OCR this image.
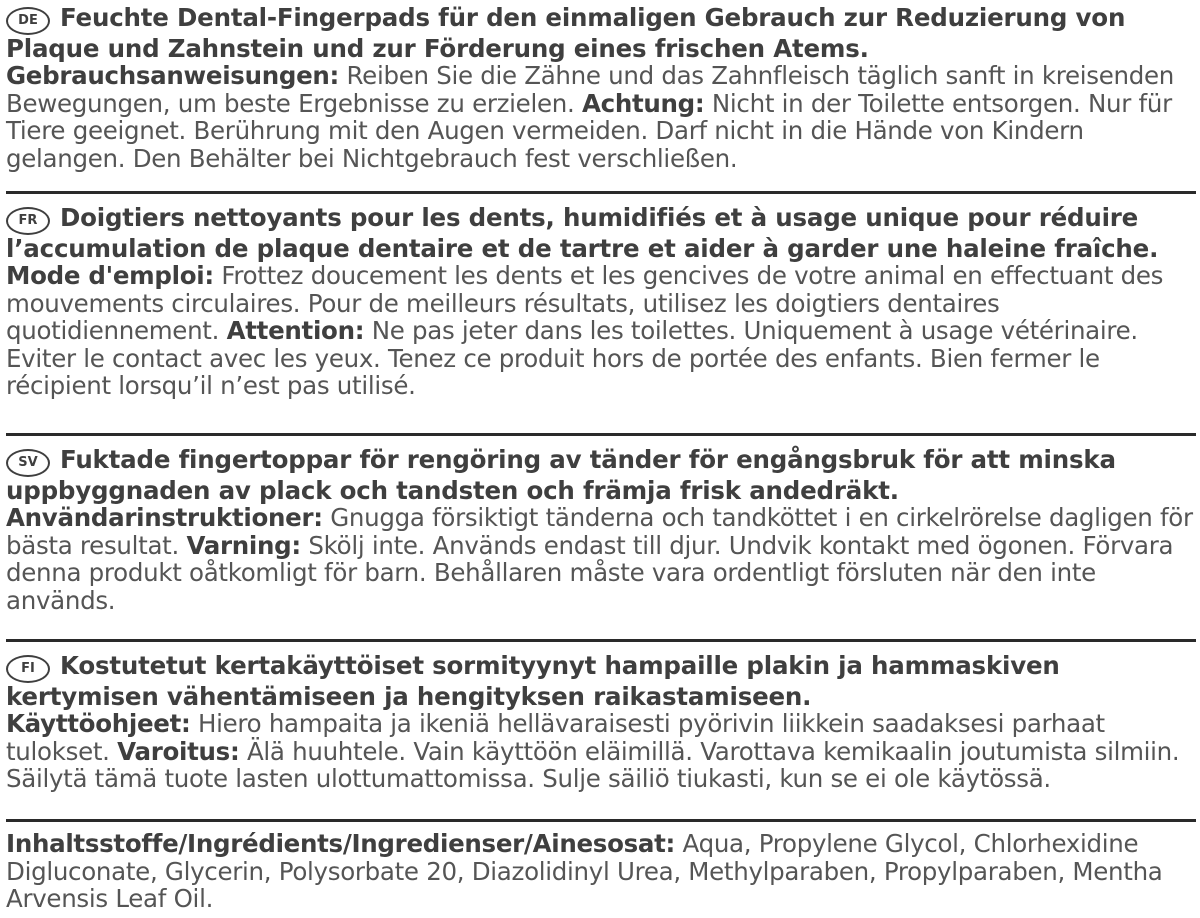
DE Feuchte Dental-Fingerpads für den einmaligen Gebrauch zur Reduzierung von Plaque und Zahnstein und zur Förderung eines frischen Atems.
Gebrauchsanweisungen: Reiben Sie die Zähne und das Zahnfleisch täglich sanft in kreisenden Bewegungen, um beste Ergebnisse zu erzielen. Achtung: Nicht in der Toilette entsorgen. Nur für Tiere geeignet. Berührung mit den Augen vermeiden. Darf nicht in die Hände von Kindern gelangen. Den Behälter bei Nichtgebrauch fest verschließen.
FR Doigtiers nettoyants pour les dents, humidifiés et à usage unique pour réduire l’accumulation de plaque dentaire et de tartre et aider à garder une haleine fraîche.
Mode d'emploi: Frottez doucement les dents et les gencives de votre animal en effectuant des mouvements circulaires. Pour de meilleurs résultats, utilisez les doigtiers dentaires quotidiennement. Attention: Ne pas jeter dans les toilettes. Uniquement à usage vétérinaire. Eviter le contact avec les yeux. Tenez ce produit hors de portée des enfants. Bien fermer le récipient lorsqu’il n’est pas utilisé.
SV Fuktade fingertoppar för rengöring av tänder för engångsbruk för att minska uppbyggnaden av plack och tandsten och främja frisk andedräkt.
Användarinstruktioner: Gnugga försiktigt tänderna och tandköttet i en cirkelrörelse dagligen för bästa resultat. Varning: Skölj inte. Används endast till djur. Undvik kontakt med ögonen. Förvara denna produkt oåtkomligt för barn. Behållaren måste vara ordentligt försluten när den inte används.
FI Kostutetut kertakäyttöiset sormityynyt hampaille plakin ja hammaskiven kertymisen vähentämiseen ja hengityksen raikastamiseen.
Käyttöohjeet: Hiero hampaita ja ikeniä hellävaraisesti pyörivin liikkein saadaksesi parhaat tulokset. Varoitus: Älä huuhtele. Vain käyttöön eläimillä. Varottava kemikaalin joutumista silmiin. Säilytä tämä tuote lasten ulottumattomissa. Sulje säiliö tiukasti, kun se ei ole käytössä.
Inhaltsstoffe/Ingrédients/Ingredienser/Ainesosat: Aqua, Propylene Glycol, Chlorhexidine Digluconate, Glycerin, Polysorbate 20, Diazolidinyl Urea, Methylparaben, Propylparaben, Mentha Arvensis Leaf Oil.
